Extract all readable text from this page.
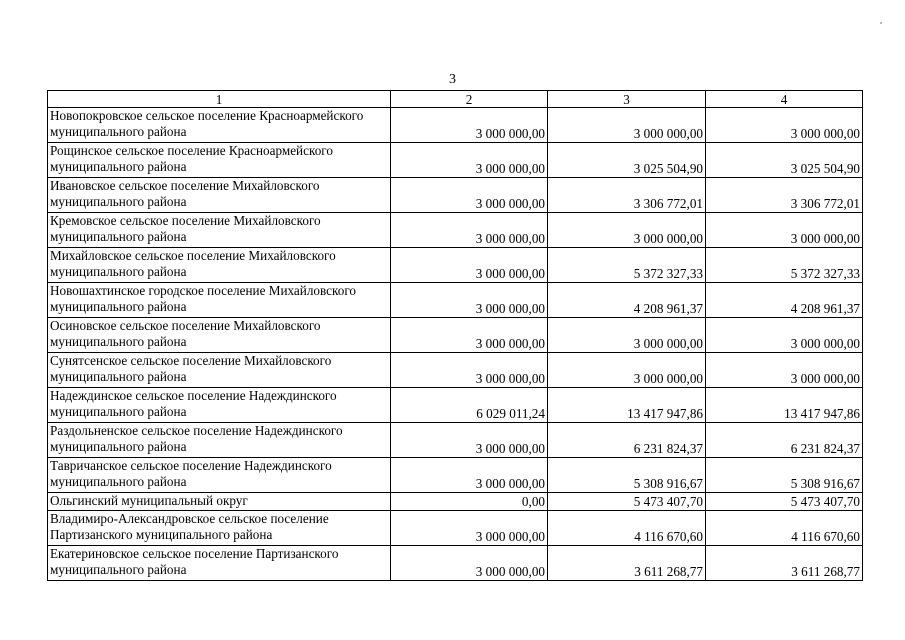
3
1	2	3	4
Новопокровское сельское поселение Красноармейского муниципального района	3 000 000,00	3 000 000,00	3 000 000,00
Рощинское сельское поселение Красноармейского муниципального района	3 000 000,00	3 025 504,90	3 025 504,90
Ивановское сельское поселение Михайловского муниципального района	3 000 000,00	3 306 772,01	3 306 772,01
Кремовское сельское поселение Михайловского муниципального района	3 000 000,00	3 000 000,00	3 000 000,00
Михайловское сельское поселение Михайловского муниципального района	3 000 000,00	5 372 327,33	5 372 327,33
Новошахтинское городское поселение Михайловского муниципального района	3 000 000,00	4 208 961,37	4 208 961,37
Осиновское сельское поселение Михайловского муниципального района	3 000 000,00	3 000 000,00	3 000 000,00
Сунятсенское сельское поселение Михайловского муниципального района	3 000 000,00	3 000 000,00	3 000 000,00
Надеждинское сельское поселение Надеждинского муниципального района	6 029 011,24	13 417 947,86	13 417 947,86
Раздольненское сельское поселение Надеждинского муниципального района	3 000 000,00	6 231 824,37	6 231 824,37
Тавричанское сельское поселение Надеждинского муниципального района	3 000 000,00	5 308 916,67	5 308 916,67
Ольгинский муниципальный округ	0,00	5 473 407,70	5 473 407,70
Владимиро-Александровское сельское поселение Партизанского муниципального района	3 000 000,00	4 116 670,60	4 116 670,60
Екатериновское сельское поселение Партизанского муниципального района	3 000 000,00	3 611 268,77	3 611 268,77
